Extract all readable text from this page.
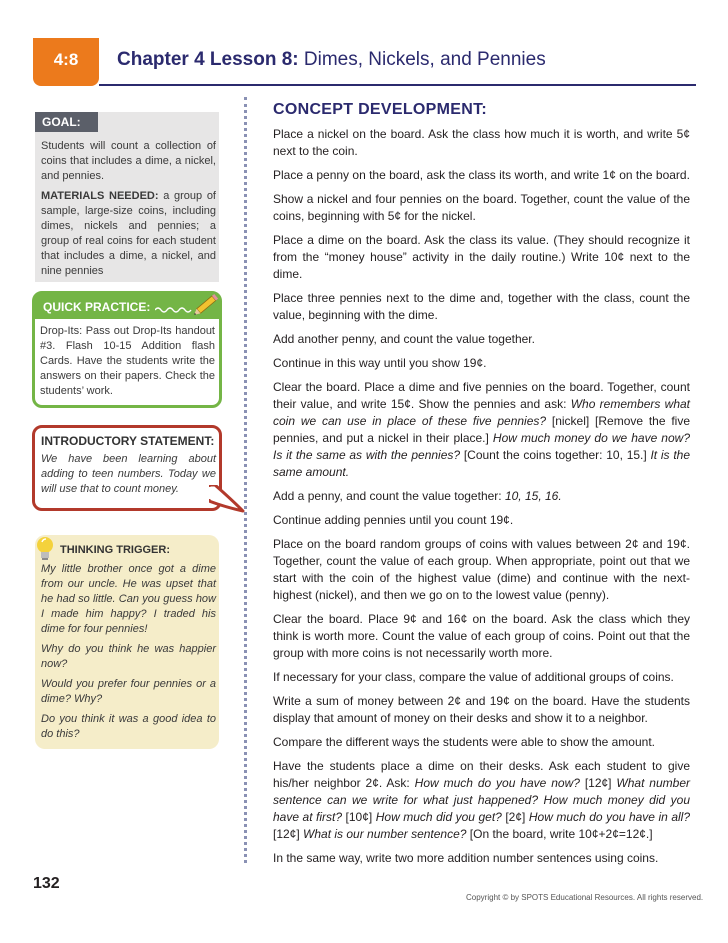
4:8	Chapter 4 Lesson 8: Dimes, Nickels, and Pennies
GOAL:

Students will count a collection of coins that includes a dime, a nickel, and pennies.

MATERIALS NEEDED: a group of sample, large-size coins, including dimes, nickels and pennies; a group of real coins for each student that includes a dime, a nickel, and nine pennies

QUICK PRACTICE:
Drop-Its: Pass out Drop-Its handout #3. Flash 10-15 Addition flash Cards. Have the students write the answers on their papers. Check the students’ work.
INTRODUCTORY STATEMENT:
We have been learning about adding to teen numbers. Today we will use that to count money.
THINKING TRIGGER:

My little brother once got a dime from our uncle. He was upset that he had so little. Can you guess how I made him happy? I traded his dime for four pennies!

Why do you think he was happier now?

Would you prefer four pennies or a dime? Why?

Do you think it was a good idea to do this?

CONCEPT DEVELOPMENT:

Place a nickel on the board. Ask the class how much it is worth, and write 5¢ next to the coin.

Place a penny on the board, ask the class its worth, and write 1¢ on the board.

Show a nickel and four pennies on the board. Together, count the value of the coins, beginning with 5¢ for the nickel.

Place a dime on the board. Ask the class its value. (They should recognize it from the “money house” activity in the daily routine.) Write 10¢ next to the dime.

Place three pennies next to the dime and, together with the class, count the value, beginning with the dime.

Add another penny, and count the value together.

Continue in this way until you show 19¢.

Clear the board. Place a dime and five pennies on the board. Together, count their value, and write 15¢. Show the pennies and ask: Who remembers what coin we can use in place of these five pennies? [nickel] [Remove the five pennies, and put a nickel in their place.] How much money do we have now? Is it the same as with the pennies? [Count the coins together: 10, 15.] It is the same amount.

Add a penny, and count the value together: 10, 15, 16.

Continue adding pennies until you count 19¢.

Place on the board random groups of coins with values between 2¢ and 19¢. Together, count the value of each group. When appropriate, point out that we start with the coin of the highest value (dime) and continue with the next-highest (nickel), and then we go on to the lowest value (penny).

Clear the board. Place 9¢ and 16¢ on the board. Ask the class which they think is worth more. Count the value of each group of coins. Point out that the group with more coins is not necessarily worth more.

If necessary for your class, compare the value of additional groups of coins.

Write a sum of money between 2¢ and 19¢ on the board. Have the students display that amount of money on their desks and show it to a neighbor.

Compare the different ways the students were able to show the amount.

Have the students place a dime on their desks. Ask each student to give his/her neighbor 2¢. Ask: How much do you have now? [12¢] What number sentence can we write for what just happened? How much money did you have at first? [10¢] How much did you get? [2¢] How much do you have in all? [12¢] What is our number sentence? [On the board, write 10¢+2¢=12¢.]

In the same way, write two more addition number sentences using coins.

132
Copyright © by SPOTS Educational Resources. All rights reserved.
